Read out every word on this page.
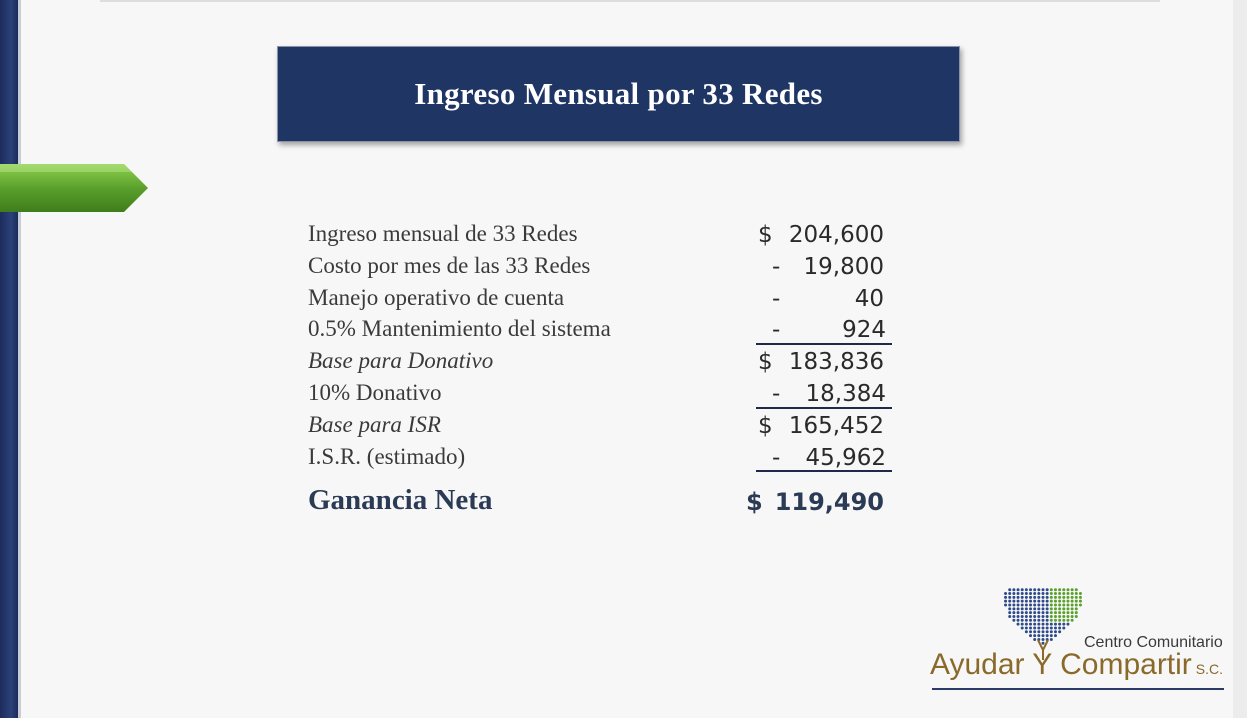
Ingreso Mensual por 33 Redes
Ingreso mensual de 33 Redes
Costo por mes de las 33 Redes
Manejo operativo de cuenta
0.5% Mantenimiento del sistema
Base para Donativo
10% Donativo
Base para ISR
I.S.R. (estimado)
Ganancia Neta
$ 204,600
- 19,800
-	40
-	924
$ 183,836
- 18,384
$ 165,452
- 45,962
$ 119,490
Centro Comunitario
Ayudar Y Compartir S.C.
